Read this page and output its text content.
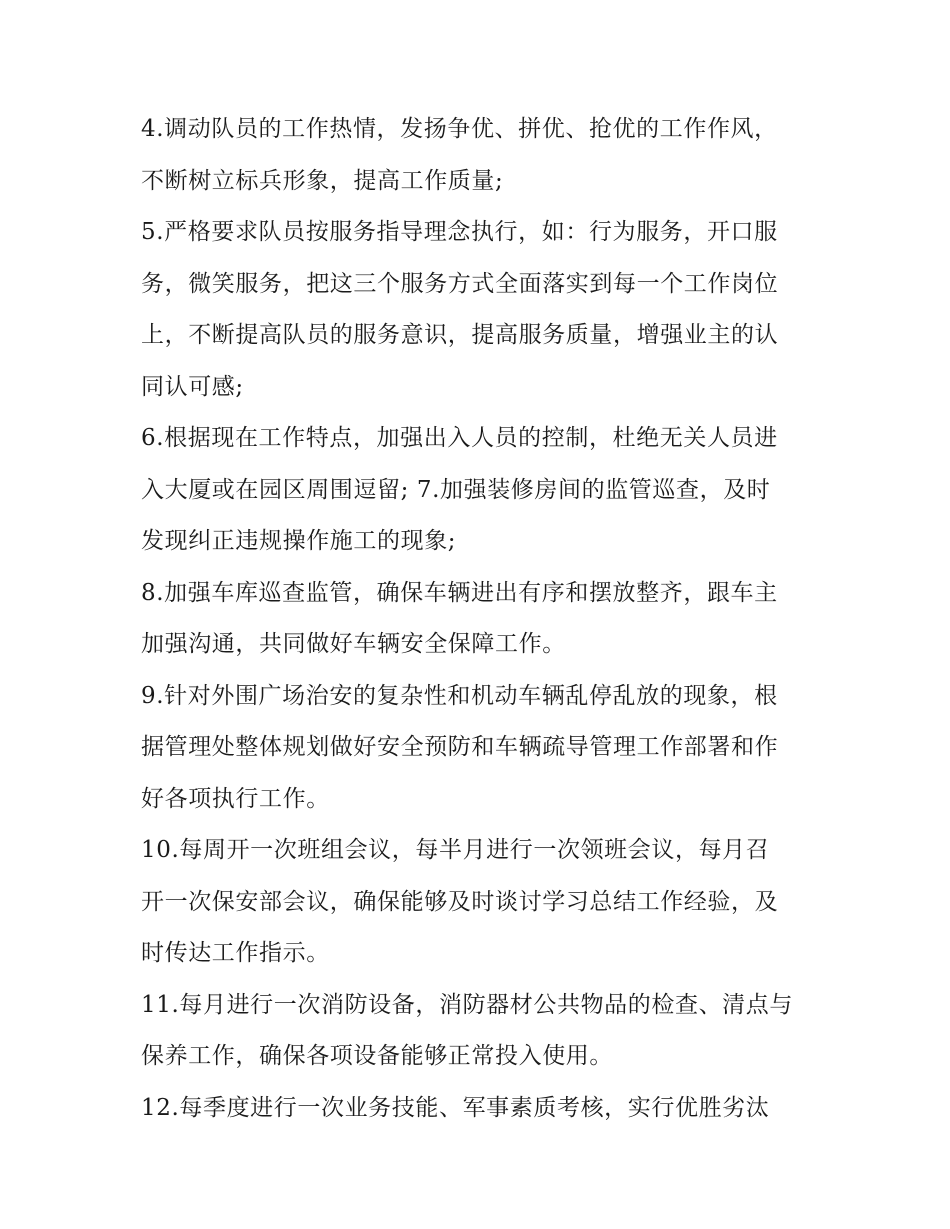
4.调动队员的工作热情，发扬争优、拼优、抢优的工作作风，
不断树立标兵形象，提高工作质量;
5.严格要求队员按服务指导理念执行，如：行为服务，开口服
务，微笑服务，把这三个服务方式全面落实到每一个工作岗位
上，不断提高队员的服务意识，提高服务质量，增强业主的认
同认可感;
6.根据现在工作特点，加强出入人员的控制，杜绝无关人员进
入大厦或在园区周围逗留; 7.加强装修房间的监管巡查，及时
发现纠正违规操作施工的现象;
8.加强车库巡查监管，确保车辆进出有序和摆放整齐，跟车主
加强沟通，共同做好车辆安全保障工作。
9.针对外围广场治安的复杂性和机动车辆乱停乱放的现象，根
据管理处整体规划做好安全预防和车辆疏导管理工作部署和作
好各项执行工作。
10.每周开一次班组会议，每半月进行一次领班会议，每月召
开一次保安部会议，确保能够及时谈讨学习总结工作经验，及
时传达工作指示。
11.每月进行一次消防设备，消防器材公共物品的检查、清点与
保养工作，确保各项设备能够正常投入使用。
12.每季度进行一次业务技能、军事素质考核，实行优胜劣汰
